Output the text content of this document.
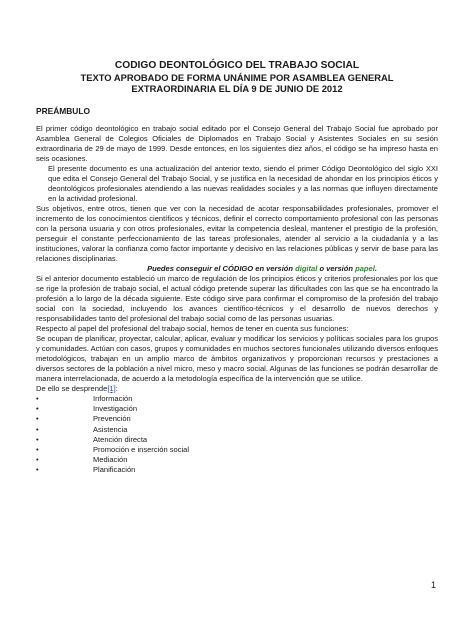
CODIGO DEONTOLÓGICO DEL TRABAJO SOCIAL
TEXTO APROBADO DE FORMA UNÁNIME POR ASAMBLEA GENERAL
EXTRAORDINARIA EL DÍA 9 DE JUNIO DE 2012
PREÁMBULO

El primer código deontológico en trabajo social editado por el Consejo General del Trabajo Social fue aprobado por Asamblea General de Colegios Oficiales de Diplomados en Trabajo Social y Asistentes Sociales en su sesión extraordinaria de 29 de mayo de 1999. Desde entonces, en los siguientes diez años, el código se ha impreso hasta en seis ocasiones.

El presente documento es una actualización del anterior texto, siendo el primer Código Deontológico del siglo XXI que edita el Consejo General del Trabajo Social, y se justifica en la necesidad de ahondar en los principios éticos y deontológicos profesionales atendiendo a las nuevas realidades sociales y a las normas que influyen directamente en la actividad profesional.

Sus objetivos, entre otros, tienen que ver con la necesidad de acotar responsabilidades profesionales, promover el incremento de los conocimientos científicos y técnicos, definir el correcto comportamiento profesional con las personas con la persona usuaria y con otros profesionales, evitar la competencia desleal, mantener el prestigio de la profesión, perseguir el constante perfeccionamiento de las tareas profesionales, atender al servicio a la ciudadanía y a las instituciones, valorar la confianza como factor importante y decisivo en las relaciones públicas y servir de base para las relaciones disciplinarias.

Puedes conseguir el CÓDIGO en versión digital o versión papel.

Si el anterior documento estableció un marco de regulación de los principios éticos y criterios profesionales por los que se rige la profesión de trabajo social, el actual código pretende superar las dificultades con las que se ha encontrado la profesión a lo largo de la década siguiente. Este código sirve para confirmar el compromiso de la profesión del trabajo social con la sociedad, incluyendo los avances científico-técnicos y el desarrollo de nuevos derechos y responsabilidades tanto del profesional del trabajo social como de las personas usuarias.

Respecto al papel del profesional del trabajo social, hemos de tener en cuenta sus funciones:

Se ocupan de planificar, proyectar, calcular, aplicar, evaluar y modificar los servicios y políticas sociales para los grupos y comunidades. Actúan con casos, grupos y comunidades en muchos sectores funcionales utilizando diversos enfoques metodológicos, trabajan en un amplio marco de ámbitos organizativos y proporcionan recursos y prestaciones a diversos sectores de la población a nivel micro, meso y macro social. Algunas de las funciones se podrán desarrollar de manera interrelacionada, de acuerdo a la metodología específica de la intervención que se utilice.

De ello se desprende[1]:

•	Información
•	Investigación
•	Prevención
•	Asistencia
•	Atención directa
•	Promoción e inserción social
•	Mediación
•	Planificación
1
